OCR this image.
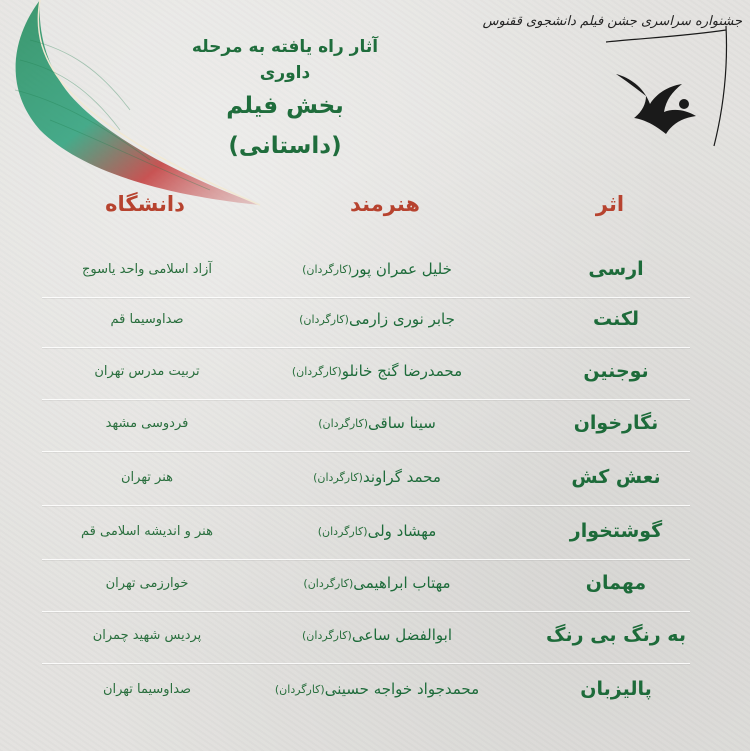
جشنواره سراسری جشن فیلم دانشجوی ققنوس
آثار راه یافته به مرحله داوری
بخش فیلم (داستانی)
اثر
هنرمند
دانشگاه
ارسی
خلیل عمران پور
(کارگردان)
آزاد اسلامی واحد یاسوج
لکنت
جابر نوری زارمی
(کارگردان)
صداوسیما قم
نوجنین
محمدرضا گنج خانلو
(کارگردان)
تربیت مدرس تهران
نگارخوان
سینا ساقی
(کارگردان)
فردوسی مشهد
نعش کش
محمد گراوند
(کارگردان)
هنر تهران
گوشتخوار
مهشاد ولی
(کارگردان)
هنر و اندیشه اسلامی قم
مهمان
مهتاب ابراهیمی
(کارگردان)
خوارزمی تهران
به رنگ بی رنگ
ابوالفضل ساعی
(کارگردان)
پردیس شهید چمران
پالیزبان
محمدجواد خواجه حسینی
(کارگردان)
صداوسیما تهران
